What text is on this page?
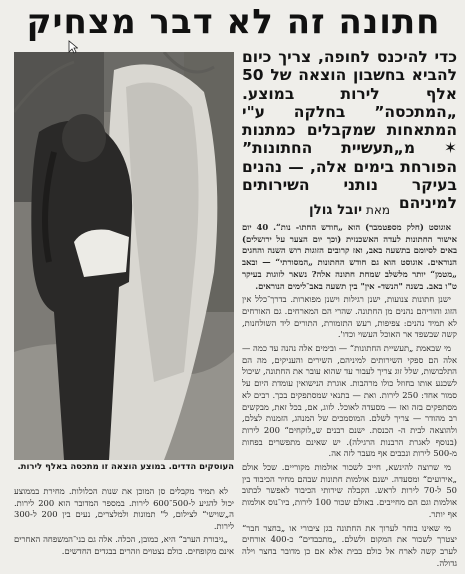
חתונה זה לא דבר מצחיק
כדי להיכנס לחופה, צריך כיום להביא בחשבון הוצאה של 50 אלף לירות במוצע. „המתכסה” בחלקה ע"י המתאחות שמקבלים כמתנות ✶ מ„תעשיית החתונות” הפורחת בימים אלה, — נהנים בעיקר נותני השירותים למיניהם
מאת יובל גולן

אוגוסט (חלק מספטמבר) הוא „חודש החתו- נות“. 40 יום אישור החתונות לעדה האשכנזית (וכך יום הצער על ירושלים) באים לסיומם בתשעה באב, ואז קרובים הזוגות רוש השנה והחגים הנוראים. אוגוסט הוא גם חודש החתונות „המסורתי“ — ובאב „מטמן“ יותר מלשלב שמחת חתונה אלה? נשאר לזוגות בעיקר ט"ו באב. בשנה "הנשד- אין" בין תשעה באב־לימים הנוראים.

ישנן חתונות צנועות, ישנן רגילות וישנן מפוארות. בדרך־כלל אין הזוג והוריהם נהנים מן החתונה. שהרי הם המארחים. גם האורחים לא תמיד נהנים: צפיפות, רעש התזמורת, התורים ליד השולחנות, קשה שבשפד אר האוכל העשוי וכדו'.

מי שבאמת „תעשיית החתונות“ — ובימים אלה נהנה עד כמה — אלה הם ספקי השירותים למיניהם, השירים והעניקים, מה הם התלבושות, שלל זוג צריך לעבור עד שהוא עובר את החתונה, שיכול לשכנע אותו בחוזל כולו מרהבות. אוגרת הנישואין עומדת היום על סמור אחד: 250 לירות. ואת — בתנאי שמסתפקים בכך. רבים לא מסתפקים בזה ואז — מסעדה לאוכל. לזוג, אם, בכל זאת, מבקשים רב מהודר — צריך לשלם. המוסמכים של המנהג, הזמנות לצלם, ולהוצאה לבית ה- הכנסת. ישנם רבנים ש„לוקחים“ 200 לירות (בנוסף לאגרת הרבנות הרגילה). יש שאינם מתפשרים בפחות מ-500 לירות ונכבים אף מעבר לזה אה.

מי שרוצה להינשא, חייב לשכור אולמות מקוריים. שכל אולם „אירועים“ ומסעדה. ישנם אולמות חתונות שבהם מחיר הכיבוד בין 50 ל-70 לירות לראש. הקבלה שירותי הכיבוד לאפשר לכתוב אולמות וגם הם מחייבים. באולם שכור 100 לירות, ביו־נוס אולמות אף יותר.

מי שאינו בוחר לערוך את החתונה בגן ציבורי או „בחצר חבר“ יצטרך לשכור את המקום ולשלם. „מתכבדים“ כ-400 אורחים לערב קשה לארח אל כולם בבית אלא אם כן מדובר בחצר וילה גדולה.

העוסקים הדדים. במוצע הוצאה זו מתכסה באלף לירות.

לא תמיד מקבלים סן המוכן את שנות הכלולות. מחירת בממוצע יכול להגיע ל-500־600 לירות. במספר המדובר הוא 200 לירות. ה„שוישי“ לצילום, ל" תמונות ולמלצרים, נעים בין 200 ל-300 לירות.

„גיבורת הערב“ היא, כמובן, הכלה. אלה גם בני־המשפחה האחרים אינם מקופחים. כולם נצטוים וזהרים בבגדים החדשים.
